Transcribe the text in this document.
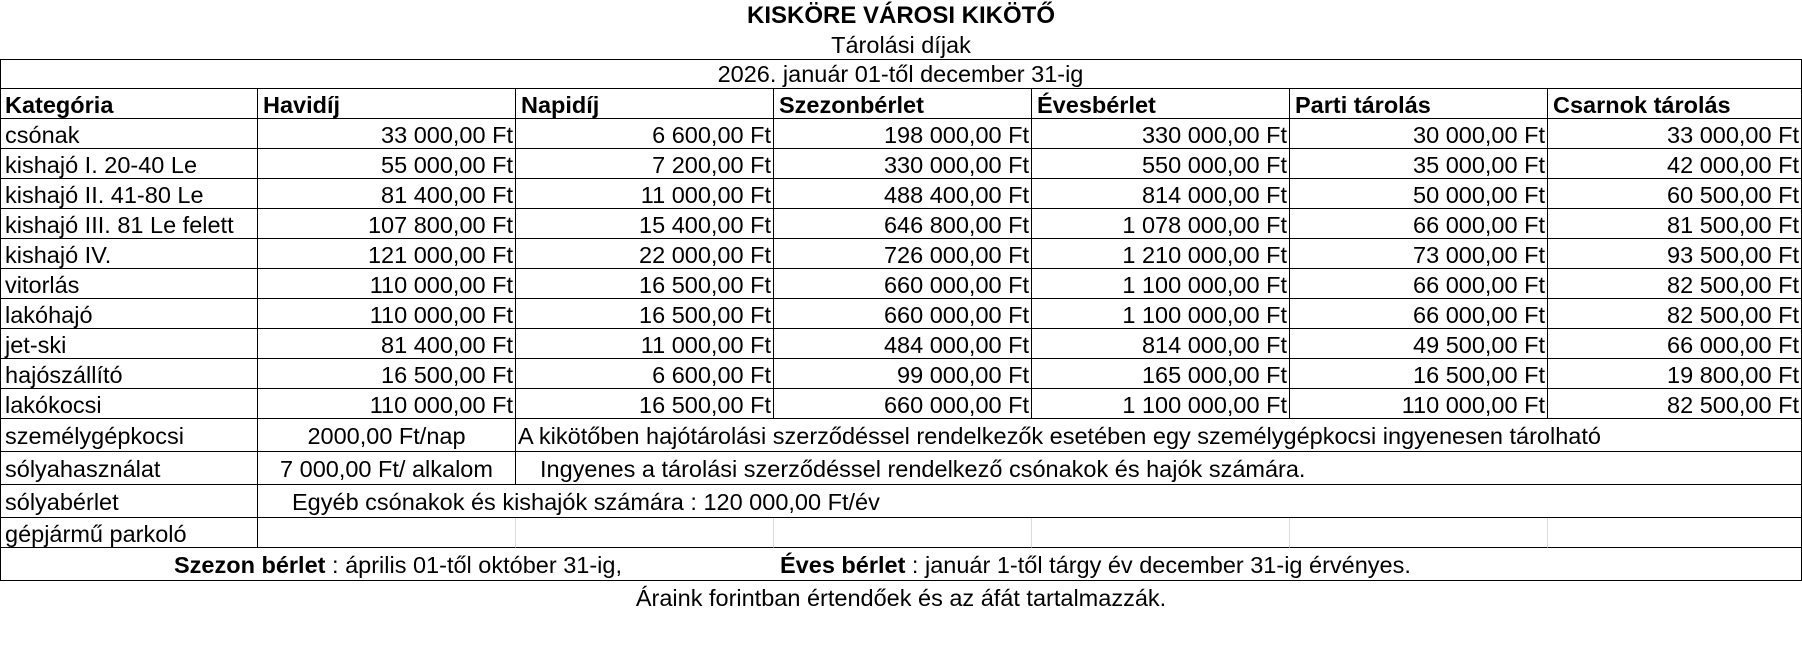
KISKÖRE VÁROSI KIKÖTŐ
Tárolási díjak
2026. január 01-től december 31-ig
Kategória	Havidíj	Napidíj	Szezonbérlet	Évesbérlet	Parti tárolás	Csarnok tárolás
csónak	33 000,00 Ft	6 600,00 Ft	198 000,00 Ft	330 000,00 Ft	30 000,00 Ft	33 000,00 Ft
kishajó I. 20-40 Le	55 000,00 Ft	7 200,00 Ft	330 000,00 Ft	550 000,00 Ft	35 000,00 Ft	42 000,00 Ft
kishajó II. 41-80 Le	81 400,00 Ft	11 000,00 Ft	488 400,00 Ft	814 000,00 Ft	50 000,00 Ft	60 500,00 Ft
kishajó III. 81 Le felett	107 800,00 Ft	15 400,00 Ft	646 800,00 Ft	1 078 000,00 Ft	66 000,00 Ft	81 500,00 Ft
kishajó IV.	121 000,00 Ft	22 000,00 Ft	726 000,00 Ft	1 210 000,00 Ft	73 000,00 Ft	93 500,00 Ft
vitorlás	110 000,00 Ft	16 500,00 Ft	660 000,00 Ft	1 100 000,00 Ft	66 000,00 Ft	82 500,00 Ft
lakóhajó	110 000,00 Ft	16 500,00 Ft	660 000,00 Ft	1 100 000,00 Ft	66 000,00 Ft	82 500,00 Ft
jet-ski	81 400,00 Ft	11 000,00 Ft	484 000,00 Ft	814 000,00 Ft	49 500,00 Ft	66 000,00 Ft
hajószállító	16 500,00 Ft	6 600,00 Ft	99 000,00 Ft	165 000,00 Ft	16 500,00 Ft	19 800,00 Ft
lakókocsi	110 000,00 Ft	16 500,00 Ft	660 000,00 Ft	1 100 000,00 Ft	110 000,00 Ft	82 500,00 Ft
személygépkocsi	2000,00 Ft/nap	A kikötőben hajótárolási szerződéssel rendelkezők esetében egy személygépkocsi ingyenesen tárolható
sólyahasználat	7 000,00 Ft/ alkalom	Ingyenes a tárolási szerződéssel rendelkező csónakok és hajók számára.
sólyabérlet	Egyéb csónakok és kishajók számára : 120 000,00 Ft/év
gépjármű parkoló
Szezon bérlet : április 01-től október 31-ig,	Éves bérlet : január 1-től tárgy év december 31-ig érvényes.
Áraink forintban értendőek és az áfát tartalmazzák.
